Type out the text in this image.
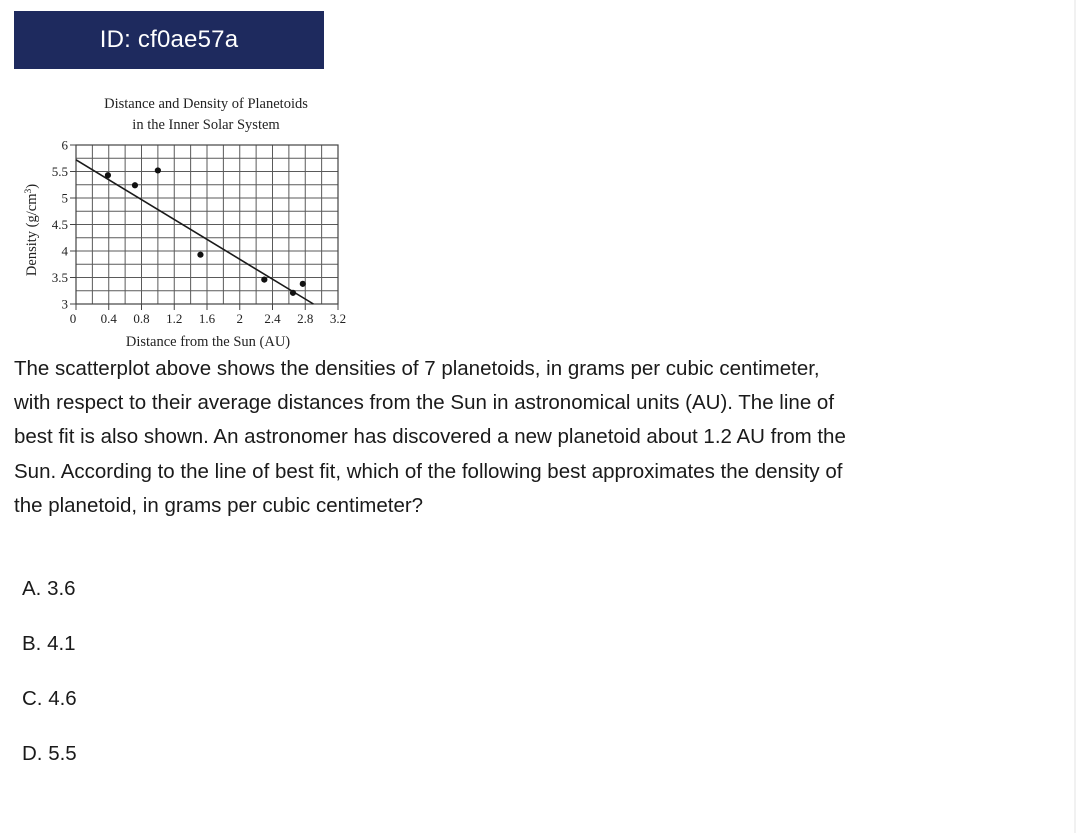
ID: cf0ae57a
Distance and Density of Planetoids
in the Inner Solar System
0 0.4 0.8 1.2 1.6 2 2.4 2.8 3.2
3
3.5
4
4.5
5
5.5
6
Distance from the Sun (AU)
Density $(g/cm^3)$

The scatterplot above shows the densities of 7 planetoids, in grams per cubic centimeter, with respect to their average distances from the Sun in astronomical units (AU). The line of best fit is also shown. An astronomer has discovered a new planetoid about 1.2 AU from the Sun. According to the line of best fit, which of the following best approximates the density of the planetoid, in grams per cubic centimeter?

A. 3.6
B. 4.1
C. 4.6
D. 5.5
